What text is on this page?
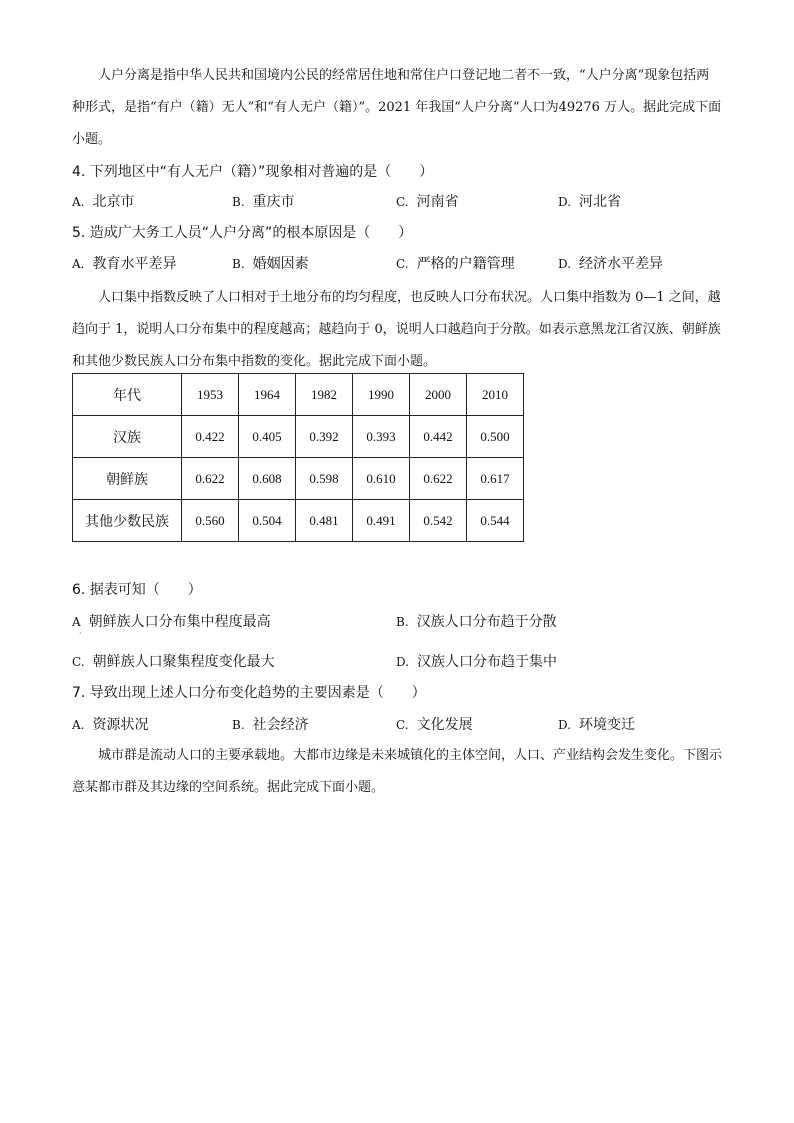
人户分离是指中华人民共和国境内公民的经常居住地和常住户口登记地二者不一致，“人户分离”现象包括两种形式，是指“有户（籍）无人”和“有人无户（籍）”。2021 年我国“人户分离”人口为49276 万人。据此完成下面小题。

4. 下列地区中“有人无户（籍）”现象相对普遍的是（　　）

A. 北京市	B. 重庆市	C. 河南省	D. 河北省

5. 造成广大务工人员“人户分离”的根本原因是（　　）

A. 教育水平差异	B. 婚姻因素	C. 严格的户籍管理	D. 经济水平差异

人口集中指数反映了人口相对于土地分布的均匀程度，也反映人口分布状况。人口集中指数为 0—1 之间，越趋向于 1，说明人口分布集中的程度越高；越趋向于 0，说明人口越趋向于分散。如表示意黑龙江省汉族、朝鲜族和其他少数民族人口分布集中指数的变化。据此完成下面小题。

年代	1953	1964	1982	1990	2000	2010
汉族	0.422	0.405	0.392	0.393	0.442	0.500
朝鲜族	0.622	0.608	0.598	0.610	0.622	0.617
其他少数民族	0.560	0.504	0.481	0.491	0.542	0.544

6. 据表可知（　　）

A 朝鲜族人口分布集中程度最高	B. 汉族人口分布趋于分散
ˊ
C. 朝鲜族人口聚集程度变化最大	D. 汉族人口分布趋于集中

7. 导致出现上述人口分布变化趋势的主要因素是（　　）

A. 资源状况	B. 社会经济	C. 文化发展	D. 环境变迁

城市群是流动人口的主要承载地。大都市边缘是未来城镇化的主体空间，人口、产业结构会发生变化。下图示意某都市群及其边缘的空间系统。据此完成下面小题。
